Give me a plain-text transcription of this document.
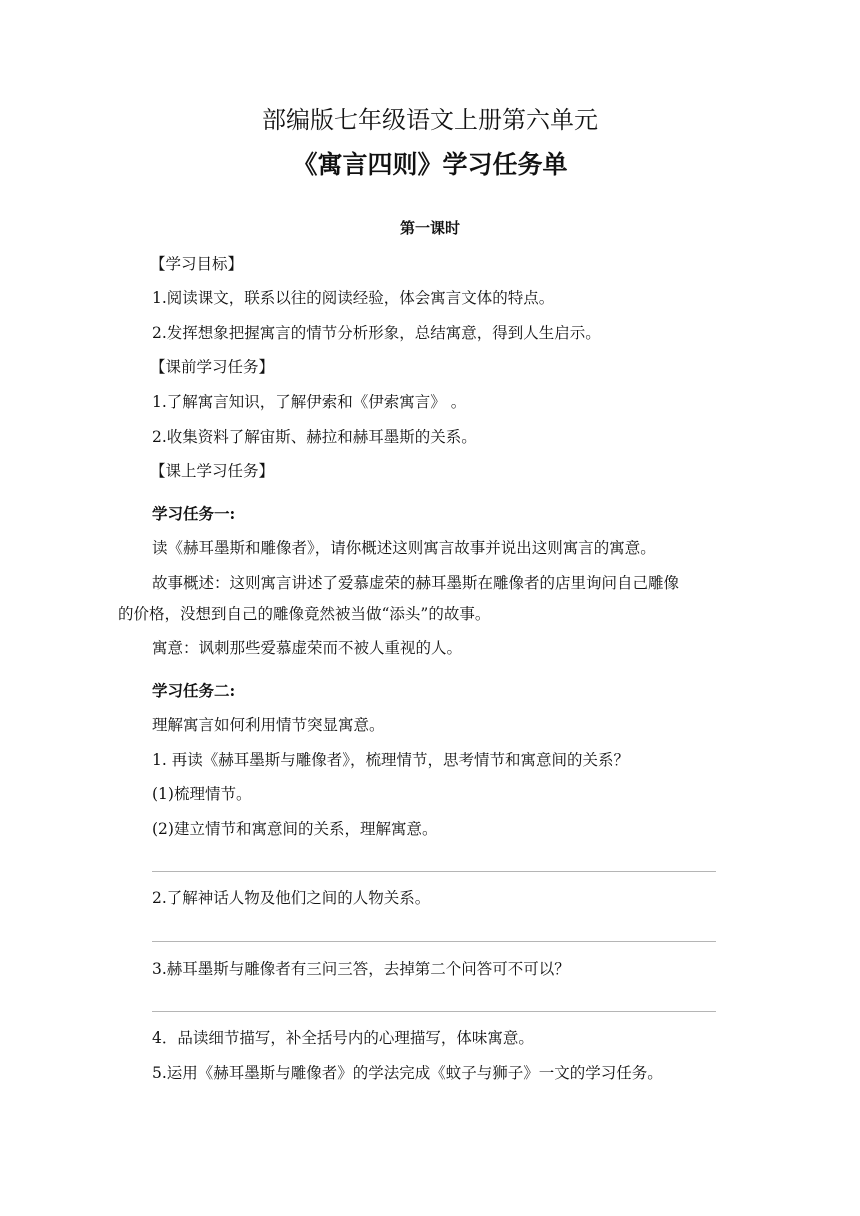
部编版七年级语文上册第六单元
《寓言四则》学习任务单
第一课时
【学习目标】
1.阅读课文，联系以往的阅读经验，体会寓言文体的特点。
2.发挥想象把握寓言的情节分析形象，总结寓意，得到人生启示。
【课前学习任务】
1.了解寓言知识，了解伊索和《伊索寓言》 。
2.收集资料了解宙斯、赫拉和赫耳墨斯的关系。
【课上学习任务】
学习任务一:
读《赫耳墨斯和雕像者》，请你概述这则寓言故事并说出这则寓言的寓意。
故事概述：这则寓言讲述了爱慕虚荣的赫耳墨斯在雕像者的店里询问自己雕像
的价格，没想到自己的雕像竟然被当做“添头”的故事。
寓意：讽刺那些爱慕虚荣而不被人重视的人。
学习任务二:
理解寓言如何利用情节突显寓意。
1. 再读《赫耳墨斯与雕像者》，梳理情节，思考情节和寓意间的关系？
(1)梳理情节。
(2)建立情节和寓意间的关系，理解寓意。
2.了解神话人物及他们之间的人物关系。
3.赫耳墨斯与雕像者有三问三答，去掉第二个问答可不可以？
4．品读细节描写，补全括号内的心理描写，体味寓意。
5.运用《赫耳墨斯与雕像者》的学法完成《蚊子与狮子》一文的学习任务。
